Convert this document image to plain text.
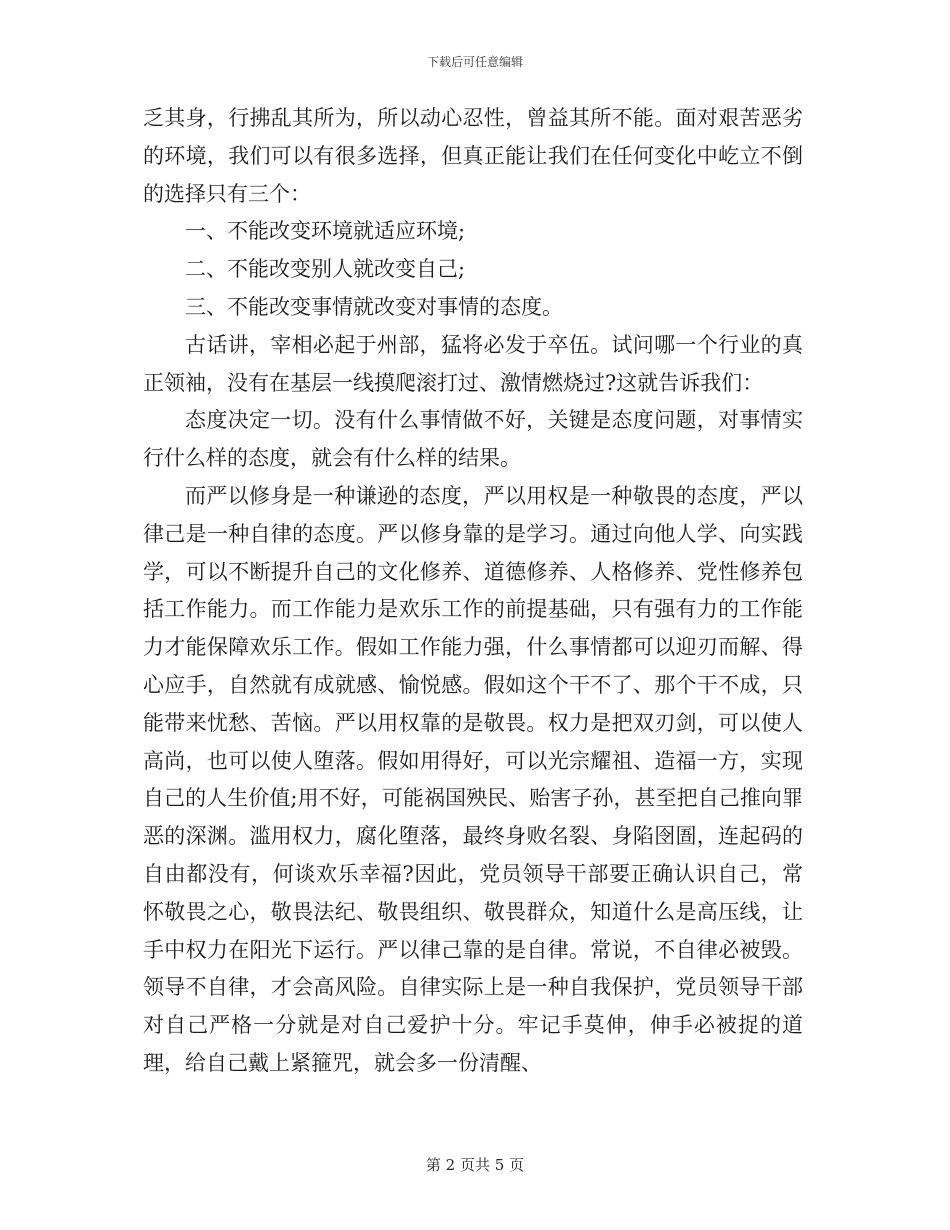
下载后可任意编辑

乏其身，行拂乱其所为，所以动心忍性，曾益其所不能。面对艰苦恶劣的环境，我们可以有很多选择，但真正能让我们在任何变化中屹立不倒的选择只有三个：

一、不能改变环境就适应环境;

二、不能改变别人就改变自己;

三、不能改变事情就改变对事情的态度。

古话讲，宰相必起于州部，猛将必发于卒伍。试问哪一个行业的真正领袖，没有在基层一线摸爬滚打过、激情燃烧过?这就告诉我们：

态度决定一切。没有什么事情做不好，关键是态度问题，对事情实行什么样的态度，就会有什么样的结果。

而严以修身是一种谦逊的态度，严以用权是一种敬畏的态度，严以律己是一种自律的态度。严以修身靠的是学习。通过向他人学、向实践学，可以不断提升自己的文化修养、道德修养、人格修养、党性修养包括工作能力。而工作能力是欢乐工作的前提基础，只有强有力的工作能力才能保障欢乐工作。假如工作能力强，什么事情都可以迎刃而解、得心应手，自然就有成就感、愉悦感。假如这个干不了、那个干不成，只能带来忧愁、苦恼。严以用权靠的是敬畏。权力是把双刃剑，可以使人高尚，也可以使人堕落。假如用得好，可以光宗耀祖、造福一方，实现自己的人生价值;用不好，可能祸国殃民、贻害子孙，甚至把自己推向罪恶的深渊。滥用权力，腐化堕落，最终身败名裂、身陷囹圄，连起码的自由都没有，何谈欢乐幸福?因此，党员领导干部要正确认识自己，常怀敬畏之心，敬畏法纪、敬畏组织、敬畏群众，知道什么是高压线，让手中权力在阳光下运行。严以律己靠的是自律。常说，不自律必被毁。领导不自律，才会高风险。自律实际上是一种自我保护，党员领导干部对自己严格一分就是对自己爱护十分。牢记手莫伸，伸手必被捉的道理，给自己戴上紧箍咒，就会多一份清醒、

第 2 页共 5 页
